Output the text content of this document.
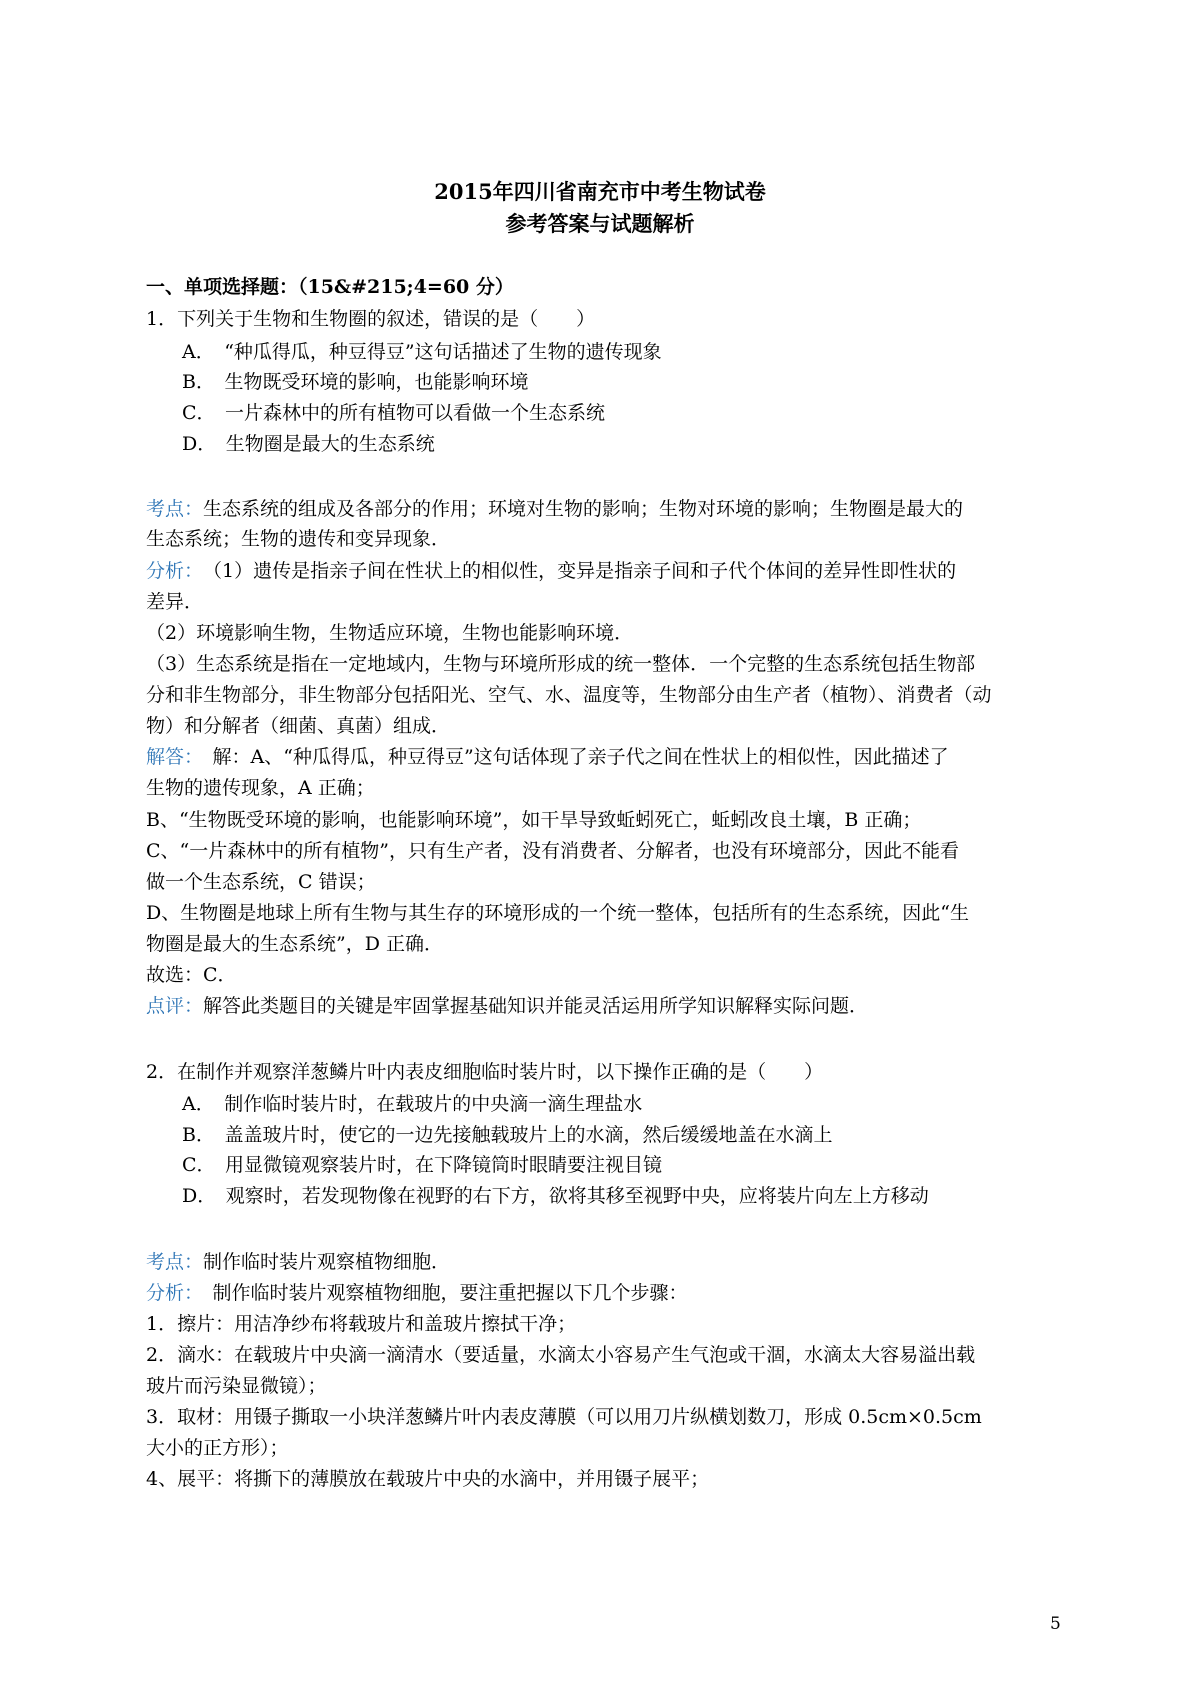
2015年四川省南充市中考生物试卷
参考答案与试题解析
一、单项选择题：（15&#215;4=60 分）
1．下列关于生物和生物圈的叙述，错误的是（　　）
A．　“种瓜得瓜，种豆得豆”这句话描述了生物的遗传现象
B．　生物既受环境的影响，也能影响环境
C．　一片森林中的所有植物可以看做一个生态系统
D．　生物圈是最大的生态系统
考点：生态系统的组成及各部分的作用；环境对生物的影响；生物对环境的影响；生物圈是最大的
生态系统；生物的遗传和变异现象．
分析：　（1）遗传是指亲子间在性状上的相似性，变异是指亲子间和子代个体间的差异性即性状的
差异．
（2）环境影响生物，生物适应环境，生物也能影响环境．
（3）生态系统是指在一定地域内，生物与环境所形成的统一整体．一个完整的生态系统包括生物部
分和非生物部分，非生物部分包括阳光、空气、水、温度等，生物部分由生产者（植物）、消费者（动
物）和分解者（细菌、真菌）组成．
解答：　解：A、“种瓜得瓜，种豆得豆”这句话体现了亲子代之间在性状上的相似性，因此描述了
生物的遗传现象，A 正确；
B、“生物既受环境的影响，也能影响环境”，如干旱导致蚯蚓死亡，蚯蚓改良土壤，B 正确；
C、“一片森林中的所有植物”，只有生产者，没有消费者、分解者，也没有环境部分，因此不能看
做一个生态系统，C 错误；
D、生物圈是地球上所有生物与其生存的环境形成的一个统一整体，包括所有的生态系统，因此“生
物圈是最大的生态系统”，D 正确．
故选：C．
点评：解答此类题目的关键是牢固掌握基础知识并能灵活运用所学知识解释实际问题．
2．在制作并观察洋葱鳞片叶内表皮细胞临时装片时，以下操作正确的是（　　）
A．　制作临时装片时，在载玻片的中央滴一滴生理盐水
B．　盖盖玻片时，使它的一边先接触载玻片上的水滴，然后缓缓地盖在水滴上
C．　用显微镜观察装片时，在下降镜筒时眼睛要注视目镜
D．　观察时，若发现物像在视野的右下方，欲将其移至视野中央，应将装片向左上方移动
考点：制作临时装片观察植物细胞．
分析：　制作临时装片观察植物细胞，要注重把握以下几个步骤：
1．擦片：用洁净纱布将载玻片和盖玻片擦拭干净；
2．滴水：在载玻片中央滴一滴清水（要适量，水滴太小容易产生气泡或干涸，水滴太大容易溢出载
玻片而污染显微镜）；
3．取材：用镊子撕取一小块洋葱鳞片叶内表皮薄膜（可以用刀片纵横划数刀，形成 0.5cm×0.5cm
大小的正方形）；
4、展平：将撕下的薄膜放在载玻片中央的水滴中，并用镊子展平；
5
